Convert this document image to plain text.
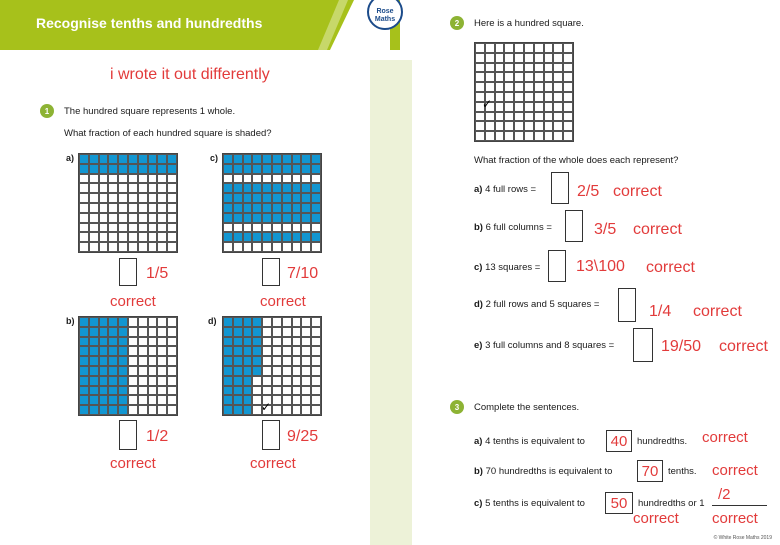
Recognise tenths and hundredths
i wrote it out differently
1	The hundred square represents 1 whole.
What fraction of each hundred square is shaded?
a)
1/5
correct
c)
7/10
correct
b)
1/2
correct
d)
✓
9/25
correct
Rose
Maths	2	Here is a hundred square.
✓
What fraction of the whole does each represent?
a) 4 full rows =	2/5 correct
b) 6 full columns =	3/5 correct
c) 13 squares = 13\100 correct
d) 2 full rows and 5 squares =	1/4 correct
e) 3 full columns and 8 squares =	19/50 correct
3	Complete the sentences.
a) 4 tenths is equivalent to	40	hundredths. correct
b) 70 hundredths is equivalent to	70	tenths. correct
c) 5 tenths is equivalent to	50	hundredths or 1
/2
correct correct
© White Rose Maths 2019
